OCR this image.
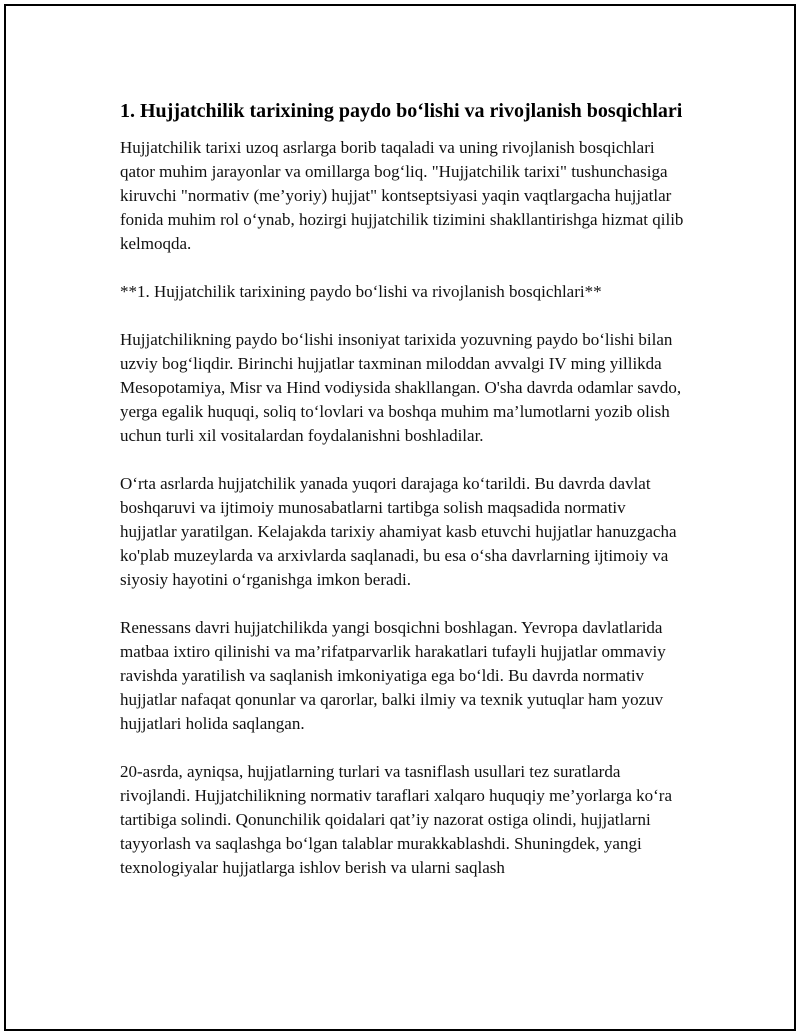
1. Hujjatchilik tarixining paydo bo‘lishi va rivojlanish bosqichlari

Hujjatchilik tarixi uzoq asrlarga borib taqaladi va uning rivojlanish bosqichlari qator muhim jarayonlar va omillarga bog‘liq. "Hujjatchilik tarixi" tushunchasiga kiruvchi "normativ (me’yoriy) hujjat" kontseptsiyasi yaqin vaqtlargacha hujjatlar fonida muhim rol o‘ynab, hozirgi hujjatchilik tizimini shakllantirishga hizmat qilib kelmoqda.

**1. Hujjatchilik tarixining paydo bo‘lishi va rivojlanish bosqichlari**

Hujjatchilikning paydo bo‘lishi insoniyat tarixida yozuvning paydo bo‘lishi bilan uzviy bog‘liqdir. Birinchi hujjatlar taxminan miloddan avvalgi IV ming yillikda Mesopotamiya, Misr va Hind vodiysida shakllangan. O'sha davrda odamlar savdo, yerga egalik huquqi, soliq to‘lovlari va boshqa muhim ma’lumotlarni yozib olish uchun turli xil vositalardan foydalanishni boshladilar.

O‘rta asrlarda hujjatchilik yanada yuqori darajaga ko‘tarildi. Bu davrda davlat boshqaruvi va ijtimoiy munosabatlarni tartibga solish maqsadida normativ hujjatlar yaratilgan. Kelajakda tarixiy ahamiyat kasb etuvchi hujjatlar hanuzgacha ko'plab muzeylarda va arxivlarda saqlanadi, bu esa o‘sha davrlarning ijtimoiy va siyosiy hayotini o‘rganishga imkon beradi.

Renessans davri hujjatchilikda yangi bosqichni boshlagan. Yevropa davlatlarida matbaa ixtiro qilinishi va ma’rifatparvarlik harakatlari tufayli hujjatlar ommaviy ravishda yaratilish va saqlanish imkoniyatiga ega bo‘ldi. Bu davrda normativ hujjatlar nafaqat qonunlar va qarorlar, balki ilmiy va texnik yutuqlar ham yozuv hujjatlari holida saqlangan.

20-asrda, ayniqsa, hujjatlarning turlari va tasniflash usullari tez suratlarda rivojlandi. Hujjatchilikning normativ taraflari xalqaro huquqiy me’yorlarga ko‘ra tartibiga solindi. Qonunchilik qoidalari qat’iy nazorat ostiga olindi, hujjatlarni tayyorlash va saqlashga bo‘lgan talablar murakkablashdi. Shuningdek, yangi texnologiyalar hujjatlarga ishlov berish va ularni saqlash
